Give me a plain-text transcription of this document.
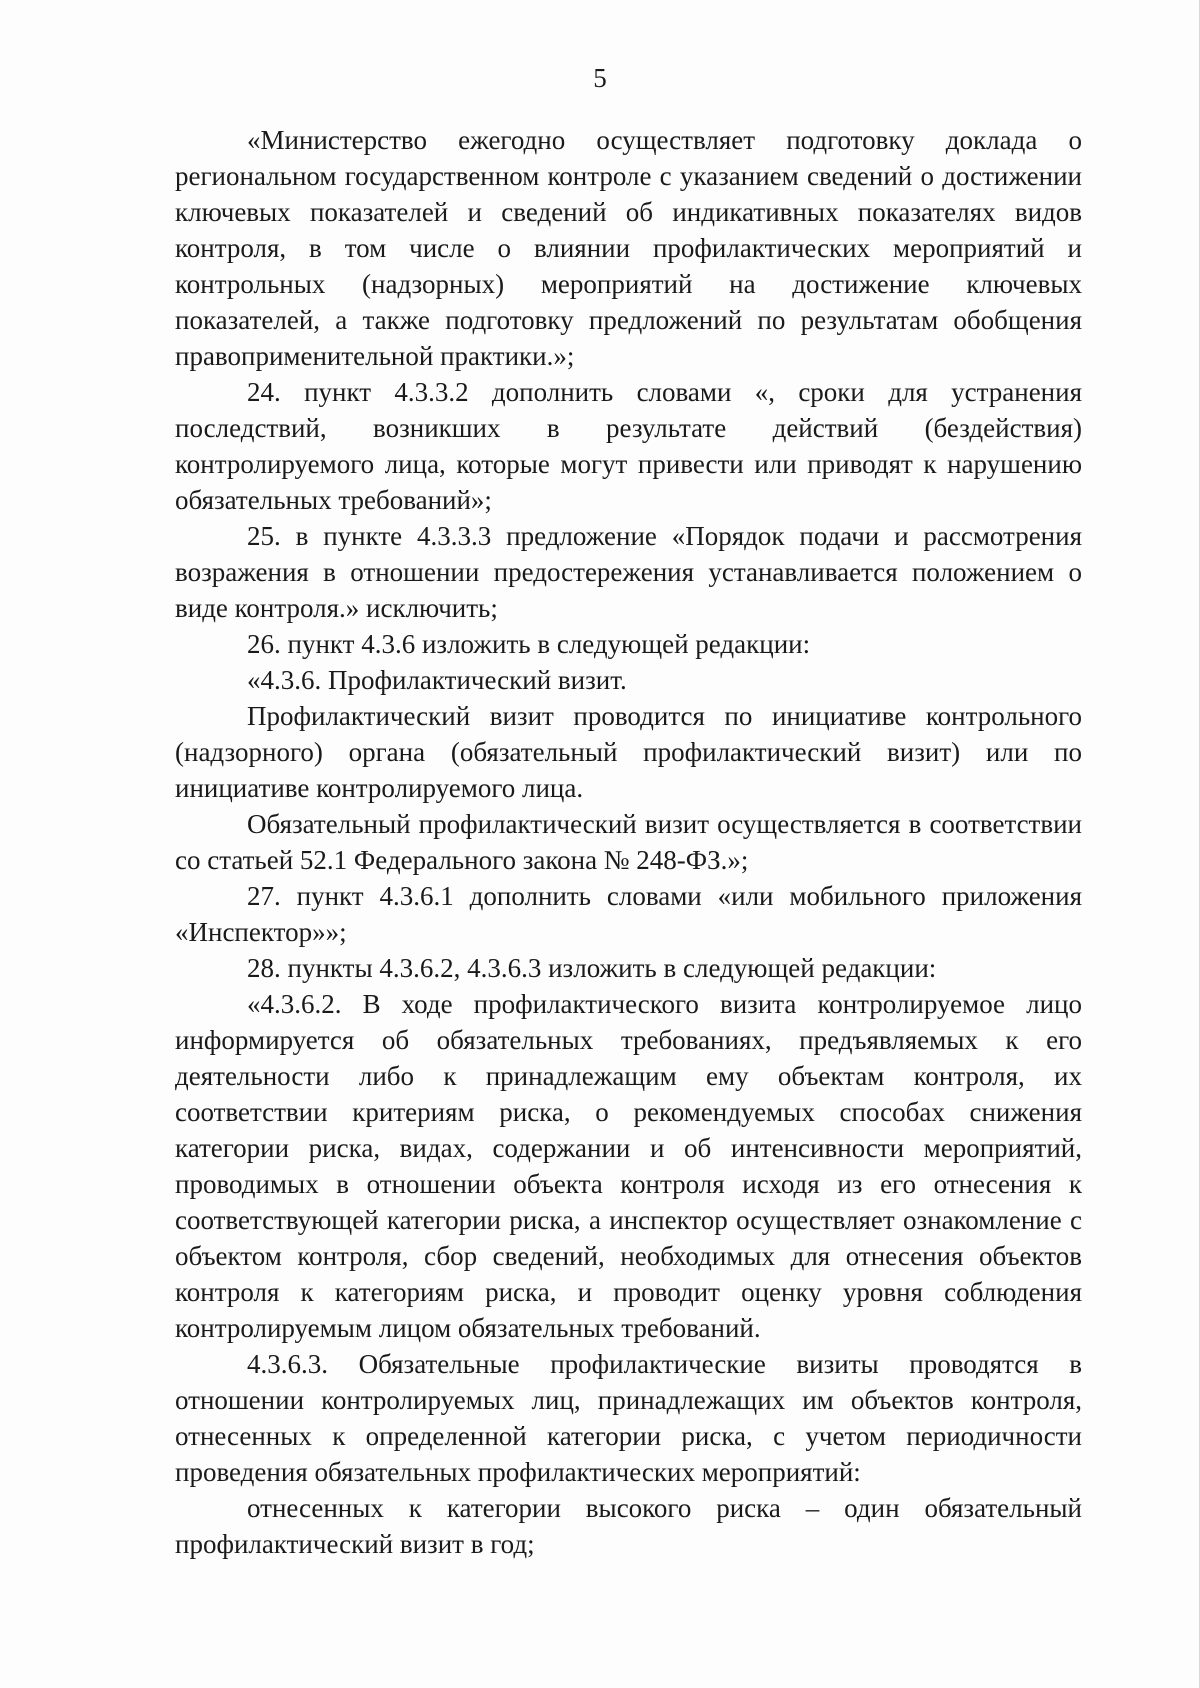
5

«Министерство ежегодно осуществляет подготовку доклада о региональном государственном контроле с указанием сведений о достижении ключевых показателей и сведений об индикативных показателях видов контроля, в том числе о влиянии профилактических мероприятий и контрольных (надзорных) мероприятий на достижение ключевых показателей, а также подготовку предложений по результатам обобщения правоприменительной практики.»;

24. пункт 4.3.3.2 дополнить словами «, сроки для устранения последствий, возникших в результате действий (бездействия) контролируемого лица, которые могут привести или приводят к нарушению обязательных требований»;

25. в пункте 4.3.3.3 предложение «Порядок подачи и рассмотрения возражения в отношении предостережения устанавливается положением о виде контроля.» исключить;

26. пункт 4.3.6 изложить в следующей редакции:

«4.3.6. Профилактический визит.

Профилактический визит проводится по инициативе контрольного (надзорного) органа (обязательный профилактический визит) или по инициативе контролируемого лица.

Обязательный профилактический визит осуществляется в соответствии со статьей 52.1 Федерального закона № 248-ФЗ.»;

27. пункт 4.3.6.1 дополнить словами «или мобильного приложения «Инспектор»»;

28. пункты 4.3.6.2, 4.3.6.3 изложить в следующей редакции:

«4.3.6.2. В ходе профилактического визита контролируемое лицо информируется об обязательных требованиях, предъявляемых к его деятельности либо к принадлежащим ему объектам контроля, их соответствии критериям риска, о рекомендуемых способах снижения категории риска, видах, содержании и об интенсивности мероприятий, проводимых в отношении объекта контроля исходя из его отнесения к соответствующей категории риска, а инспектор осуществляет ознакомление с объектом контроля, сбор сведений, необходимых для отнесения объектов контроля к категориям риска, и проводит оценку уровня соблюдения контролируемым лицом обязательных требований.

4.3.6.3. Обязательные профилактические визиты проводятся в отношении контролируемых лиц, принадлежащих им объектов контроля, отнесенных к определенной категории риска, с учетом периодичности проведения обязательных профилактических мероприятий:

отнесенных к категории высокого риска – один обязательный профилактический визит в год;
